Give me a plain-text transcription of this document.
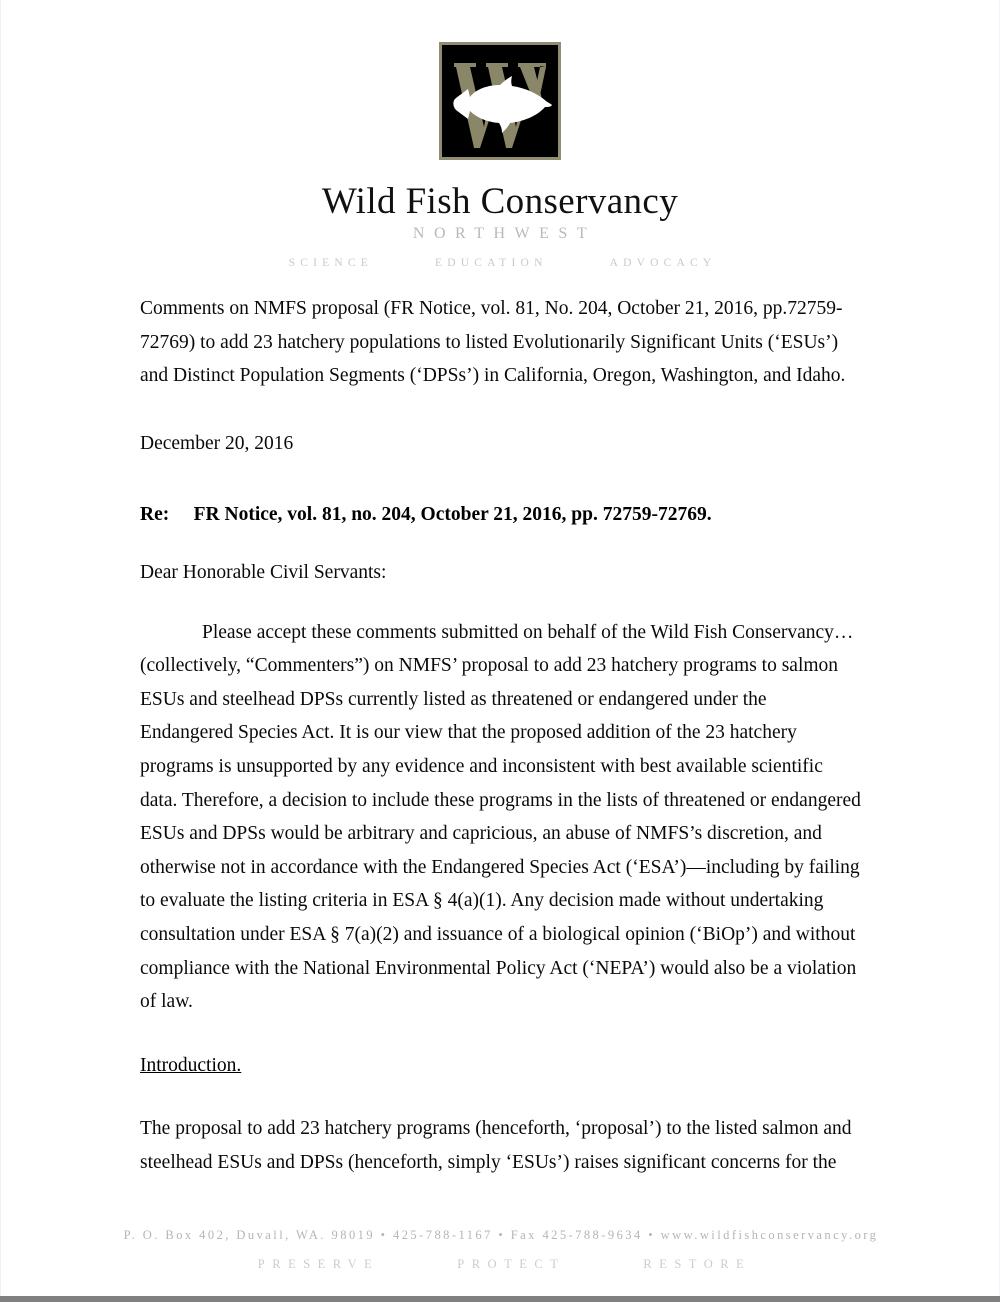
Wild Fish Conservancy
NORTHWEST
SCIENCE	EDUCATION	ADVOCACY

Comments on NMFS proposal (FR Notice, vol. 81, No. 204, October 21, 2016, pp.72759-72769) to add 23 hatchery populations to listed Evolutionarily Significant Units (‘ESUs’) and Distinct Population Segments (‘DPSs’) in California, Oregon, Washington, and Idaho.

December 20, 2016

Re:	FR Notice, vol. 81, no. 204, October 21, 2016, pp. 72759-72769.

Dear Honorable Civil Servants:

Please accept these comments submitted on behalf of the Wild Fish Conservancy… (collectively, “Commenters”) on NMFS’ proposal to add 23 hatchery programs to salmon ESUs and steelhead DPSs currently listed as threatened or endangered under the Endangered Species Act. It is our view that the proposed addition of the 23 hatchery programs is unsupported by any evidence and inconsistent with best available scientific data. Therefore, a decision to include these programs in the lists of threatened or endangered ESUs and DPSs would be arbitrary and capricious, an abuse of NMFS’s discretion, and otherwise not in accordance with the Endangered Species Act (‘ESA’)—including by failing to evaluate the listing criteria in ESA § 4(a)(1). Any decision made without undertaking consultation under ESA § 7(a)(2) and issuance of a biological opinion (‘BiOp’) and without compliance with the National Environmental Policy Act (‘NEPA’) would also be a violation of law.

Introduction.

The proposal to add 23 hatchery programs (henceforth, ‘proposal’) to the listed salmon and steelhead ESUs and DPSs (henceforth, simply ‘ESUs’) raises significant concerns for the

P. O. Box 402, Duvall, WA. 98019 • 425-788-1167 • Fax 425-788-9634 • www.wildfishconservancy.org
PRESERVE	PROTECT	RESTORE
